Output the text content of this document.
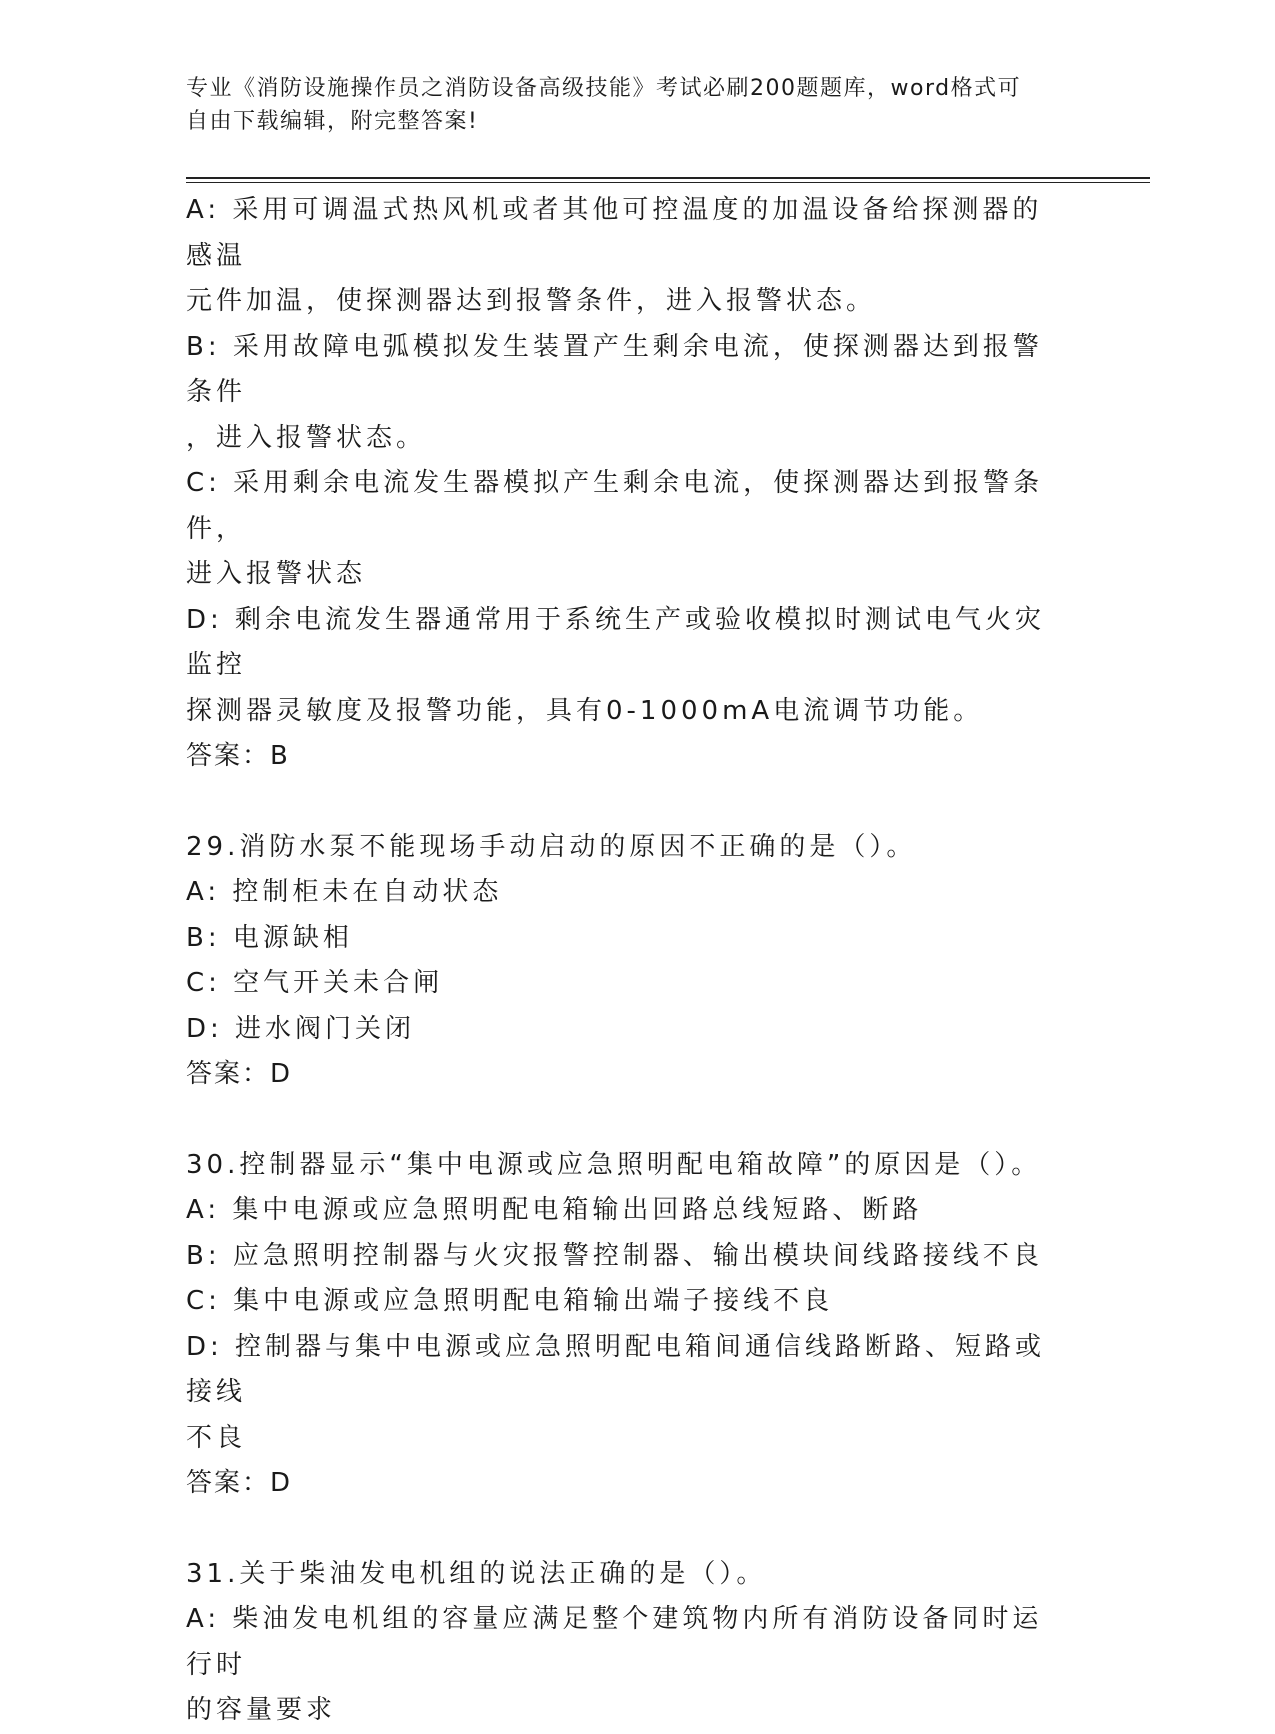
专业《消防设施操作员之消防设备高级技能》考试必刷200题题库，word格式可
自由下载编辑，附完整答案!
A: 采用可调温式热风机或者其他可控温度的加温设备给探测器的感温
元件加温，使探测器达到报警条件，进入报警状态。
B: 采用故障电弧模拟发生装置产生剩余电流，使探测器达到报警条件
，进入报警状态。
C: 采用剩余电流发生器模拟产生剩余电流，使探测器达到报警条件，
进入报警状态
D: 剩余电流发生器通常用于系统生产或验收模拟时测试电气火灾监控
探测器灵敏度及报警功能，具有0-1000mA电流调节功能。
答案：B
29.消防水泵不能现场手动启动的原因不正确的是（）。
A: 控制柜未在自动状态
B: 电源缺相
C: 空气开关未合闸
D: 进水阀门关闭
答案：D
30.控制器显示“集中电源或应急照明配电箱故障”的原因是（）。
A: 集中电源或应急照明配电箱输出回路总线短路、断路
B: 应急照明控制器与火灾报警控制器、输出模块间线路接线不良
C: 集中电源或应急照明配电箱输出端子接线不良
D: 控制器与集中电源或应急照明配电箱间通信线路断路、短路或接线
不良
答案：D
31.关于柴油发电机组的说法正确的是（）。
A: 柴油发电机组的容量应满足整个建筑物内所有消防设备同时运行时
的容量要求
